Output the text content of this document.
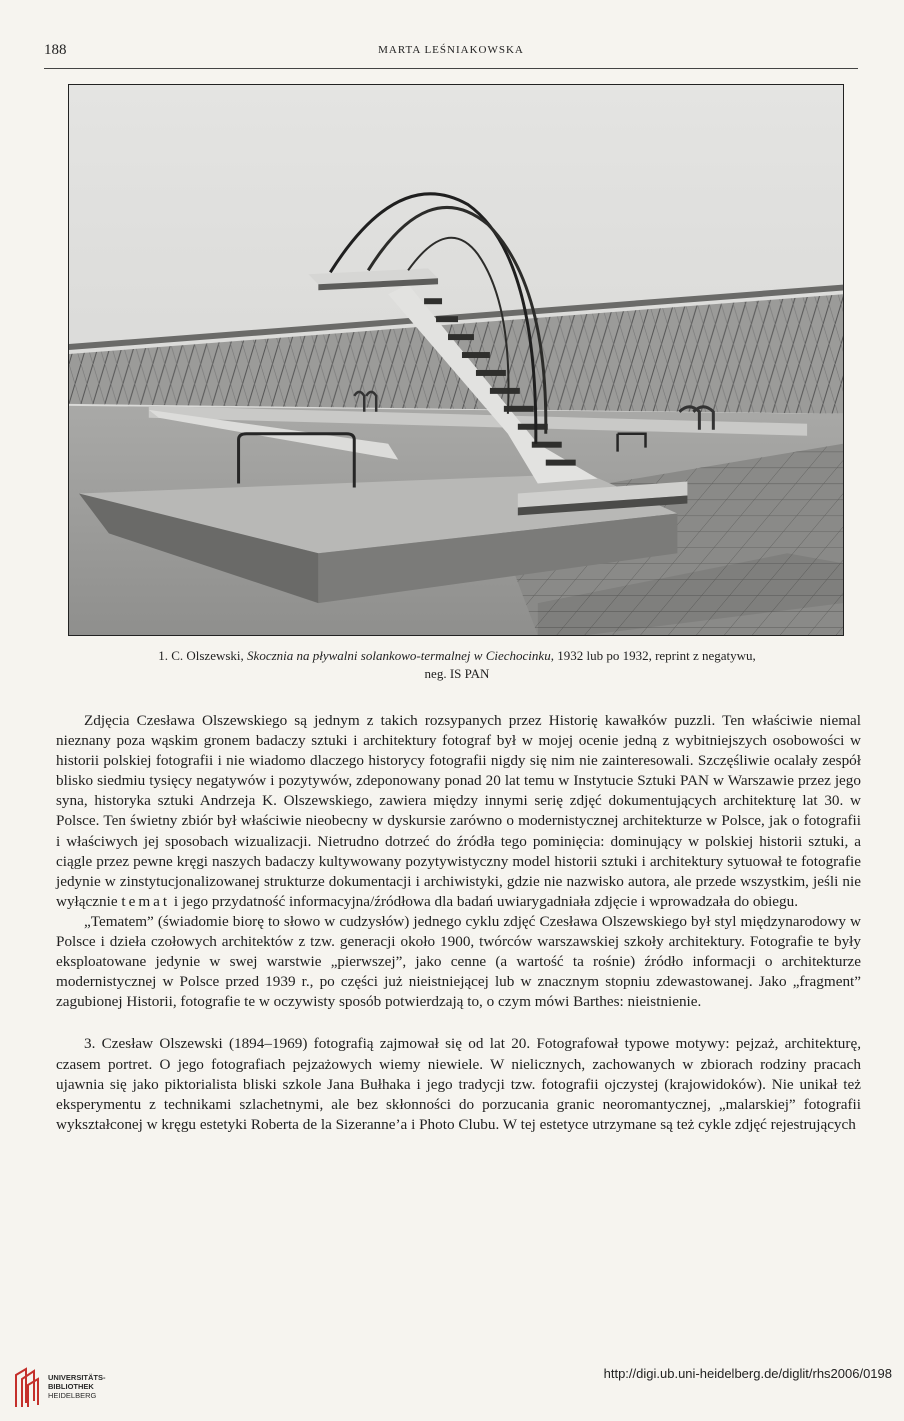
188	MARTA LEŚNIAKOWSKA
1. C. Olszewski, Skocznia na pływalni solankowo-termalnej w Ciechocinku, 1932 lub po 1932, reprint z negatywu,
neg. IS PAN

Zdjęcia Czesława Olszewskiego są jednym z takich rozsypanych przez Historię kawałków puzzli. Ten właściwie niemal nieznany poza wąskim gronem badaczy sztuki i architektury fotograf był w mojej ocenie jedną z wybitniejszych osobowości w historii polskiej fotografii i nie wiadomo dlaczego historycy fotografii nigdy się nim nie zainteresowali. Szczęśliwie ocalały zespół blisko siedmiu tysięcy negatywów i pozytywów, zdeponowany ponad 20 lat temu w Instytucie Sztuki PAN w Warszawie przez jego syna, historyka sztuki Andrzeja K. Olszewskiego, zawiera między innymi serię zdjęć dokumentujących architekturę lat 30. w Polsce. Ten świetny zbiór był właściwie nieobecny w dyskursie zarówno o modernistycznej architekturze w Polsce, jak o fotografii i właściwych jej sposobach wizualizacji. Nietrudno dotrzeć do źródła tego pominięcia: dominujący w polskiej historii sztuki, a ciągle przez pewne kręgi naszych badaczy kultywowany pozytywistyczny model historii sztuki i architektury sytuował te fotografie jedynie w zinstytucjonalizowanej strukturze dokumentacji i archiwistyki, gdzie nie nazwisko autora, ale przede wszystkim, jeśli nie wyłącznie temat i jego przydatność informacyjna/źródłowa dla badań uwiarygadniała zdjęcie i wprowadzała do obiegu.

„Tematem” (świadomie biorę to słowo w cudzysłów) jednego cyklu zdjęć Czesława Olszewskiego był styl międzynarodowy w Polsce i dzieła czołowych architektów z tzw. generacji około 1900, twórców warszawskiej szkoły architektury. Fotografie te były eksploatowane jedynie w swej warstwie „pierwszej”, jako cenne (a wartość ta rośnie) źródło informacji o architekturze modernistycznej w Polsce przed 1939 r., po części już nieistniejącej lub w znacznym stopniu zdewastowanej. Jako „fragment” zagubionej Historii, fotografie te w oczywisty sposób potwierdzają to, o czym mówi Barthes: nieistnienie.

3. Czesław Olszewski (1894–1969) fotografią zajmował się od lat 20. Fotografował typowe motywy: pejzaż, architekturę, czasem portret. O jego fotografiach pejzażowych wiemy niewiele. W nielicznych, zachowanych w zbiorach rodziny pracach ujawnia się jako piktorialista bliski szkole Jana Bułhaka i jego tradycji tzw. fotografii ojczystej (krajowidoków). Nie unikał też eksperymentu z technikami szlachetnymi, ale bez skłonności do porzucania granic neoromantycznej, „malarskiej” fotografii wykształconej w kręgu estetyki Roberta de la Sizeranne’a i Photo Clubu. W tej estetyce utrzymane są też cykle zdjęć rejestrujących

UNIVERSITÄTS-
BIBLIOTHEK
HEIDELBERG
http://digi.ub.uni-heidelberg.de/diglit/rhs2006/0198
